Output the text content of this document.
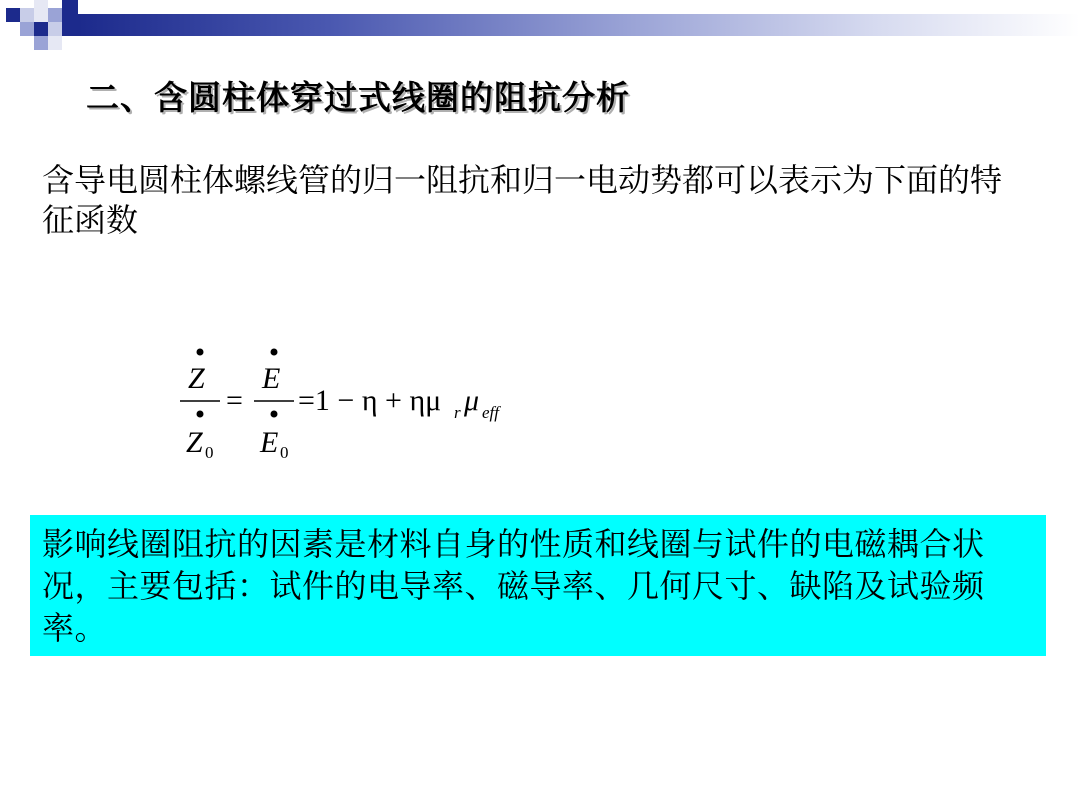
二、含圆柱体穿过式线圈的阻抗分析
含导电圆柱体螺线管的归一阻抗和归一电动势都可以表示为下面的特征函数
Z
Z 0
=
E
E 0
=1 − η + ημ r μ eff
影响线圈阻抗的因素是材料自身的性质和线圈与试件的电磁耦合状况，主要包括：试件的电导率、磁导率、几何尺寸、缺陷及试验频率。
